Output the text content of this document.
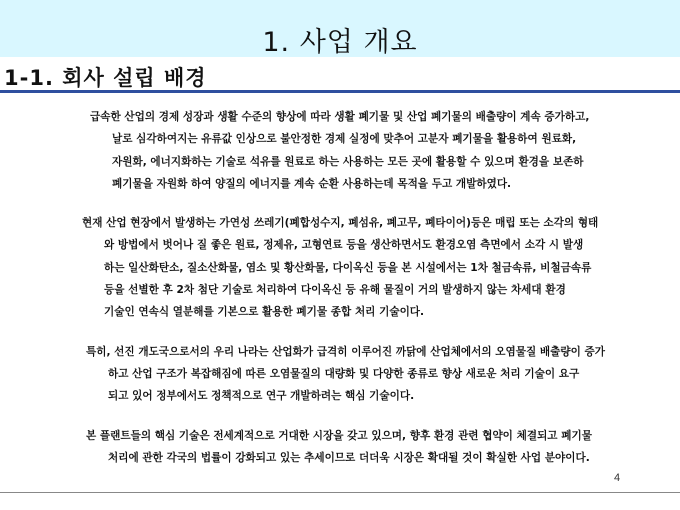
1. 사업 개요
1-1. 회사 설립 배경

급속한 산업의 경제 성장과 생활 수준의 향상에 따라 생활 폐기물 및 산업 폐기물의 배출량이 계속 증가하고,
날로 심각하여지는 유류값 인상으로 불안정한 경제 실정에 맞추어 고분자 폐기물을 활용하여 원료화,
자원화, 에너지화하는 기술로 석유를 원료로 하는 사용하는 모든 곳에 활용할 수 있으며 환경을 보존하
폐기물을 자원화 하여 양질의 에너지를 계속 순환 사용하는데 목적을 두고 개발하였다.

현재 산업 현장에서 발생하는 가연성 쓰레기(폐합성수지, 폐섬유, 폐고무, 폐타이어)등은 매립 또는 소각의 형태
와 방법에서 벗어나 질 좋은 원료, 정제유, 고형연료 등을 생산하면서도 환경오염 측면에서 소각 시 발생
하는 일산화탄소, 질소산화물, 염소 및 황산화물, 다이옥신 등을 본 시설에서는 1차 철금속류, 비철금속류
등을 선별한 후 2차 첨단 기술로 처리하여 다이옥신 등 유해 물질이 거의 발생하지 않는 차세대 환경
기술인 연속식 열분해를 기본으로 활용한 폐기물 종합 처리 기술이다.

특히, 선진 개도국으로서의 우리 나라는 산업화가 급격히 이루어진 까닭에 산업체에서의 오염물질 배출량이 증가
하고 산업 구조가 복잡해짐에 따른 오염물질의 대량화 및 다양한 종류로 향상 새로운 처리 기술이 요구
되고 있어 정부에서도 정책적으로 연구 개발하려는 핵심 기술이다.

본 플랜트들의 핵심 기술은 전세계적으로 거대한 시장을 갖고 있으며, 향후 환경 관련 협약이 체결되고 폐기물
처리에 관한 각국의 법률이 강화되고 있는 추세이므로 더더욱 시장은 확대될 것이 확실한 사업 분야이다.

4
